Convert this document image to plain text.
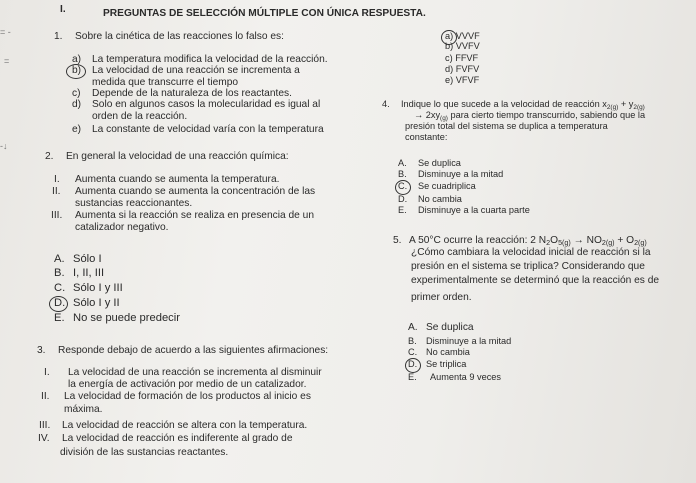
= -
=
-↓
I.	PREGUNTAS DE SELECCIÓN MÚLTIPLE CON ÚNICA RESPUESTA.
1. Sobre la cinética de las reacciones lo falso es:
a) La temperatura modifica la velocidad de la reacción.
b) La velocidad de una reacción se incrementa a
medida que transcurre el tiempo
c) Depende de la naturaleza de los reactantes.
d) Solo en algunos casos la molecularidad es igual al
orden de la reacción.
e) La constante de velocidad varía con la temperatura
a) VVVF
b) VVFV
c) FFVF
d) FVFV
e) VFVF
2. En general la velocidad de una reacción química:
I. Aumenta cuando se aumenta la temperatura.
II. Aumenta cuando se aumenta la concentración de las
sustancias reaccionantes.
III. Aumenta si la reacción se realiza en presencia de un
catalizador negativo.
A. Sólo I
B. I, II, III
C. Sólo I y III
D. Sólo I y II
E. No se puede predecir
3. Responde debajo de acuerdo a las siguientes afirmaciones:
I. La velocidad de una reacción se incrementa al disminuir
la energía de activación por medio de un catalizador.
II. La velocidad de formación de los productos al inicio es
máxima.
III. La velocidad de reacción se altera con la temperatura.
IV. La velocidad de reacción es indiferente al grado de
división de las sustancias reactantes.
4. Indique lo que sucede a la velocidad de reacción $x_{2(g)} + y_{2(g)}$
→ $2xy_{(g)}$ para cierto tiempo transcurrido, sabiendo que la
presión total del sistema se duplica a temperatura
constante:
A. Se duplica
B. Disminuye a la mitad
C. Se cuadriplica
D. No cambia
E. Disminuye a la cuarta parte
5. A 50°C ocurre la reacción: 2 $N_2O_{5(g)} \to NO_{2(g)} + O_{2(g)}$
¿Cómo cambiara la velocidad inicial de reacción si la
presión en el sistema se triplica? Considerando que
experimentalmente se determinó que la reacción es de
primer orden.
A. Se duplica
B. Disminuye a la mitad
C. No cambia
D. Se triplica
E. Aumenta 9 veces
